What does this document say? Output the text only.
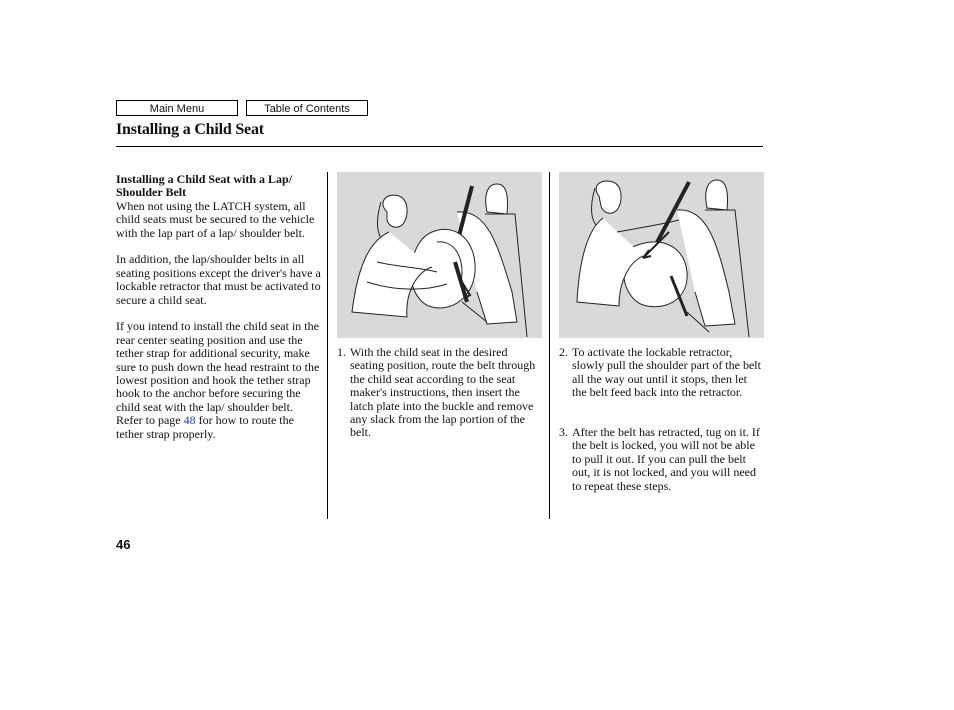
Main Menu	Table of Contents
Installing a Child Seat
Installing a Child Seat with a Lap/ Shoulder Belt

When not using the LATCH system, all child seats must be secured to the vehicle with the lap part of a lap/ shoulder belt.

In addition, the lap/shoulder belts in all seating positions except the driver's have a lockable retractor that must be activated to secure a child seat.

If you intend to install the child seat in the rear center seating position and use the tether strap for additional security, make sure to push down the head restraint to the lowest position and hook the tether strap hook to the anchor before securing the child seat with the lap/ shoulder belt. Refer to page 48 for how to route the tether strap properly.

1. With the child seat in the desired seating position, route the belt through the child seat according to the seat maker's instructions, then insert the latch plate into the buckle and remove any slack from the lap portion of the belt.
2. To activate the lockable retractor, slowly pull the shoulder part of the belt all the way out until it stops, then let the belt feed back into the retractor.
3. After the belt has retracted, tug on it. If the belt is locked, you will not be able to pull it out. If you can pull the belt out, it is not locked, and you will need to repeat these steps.
46
